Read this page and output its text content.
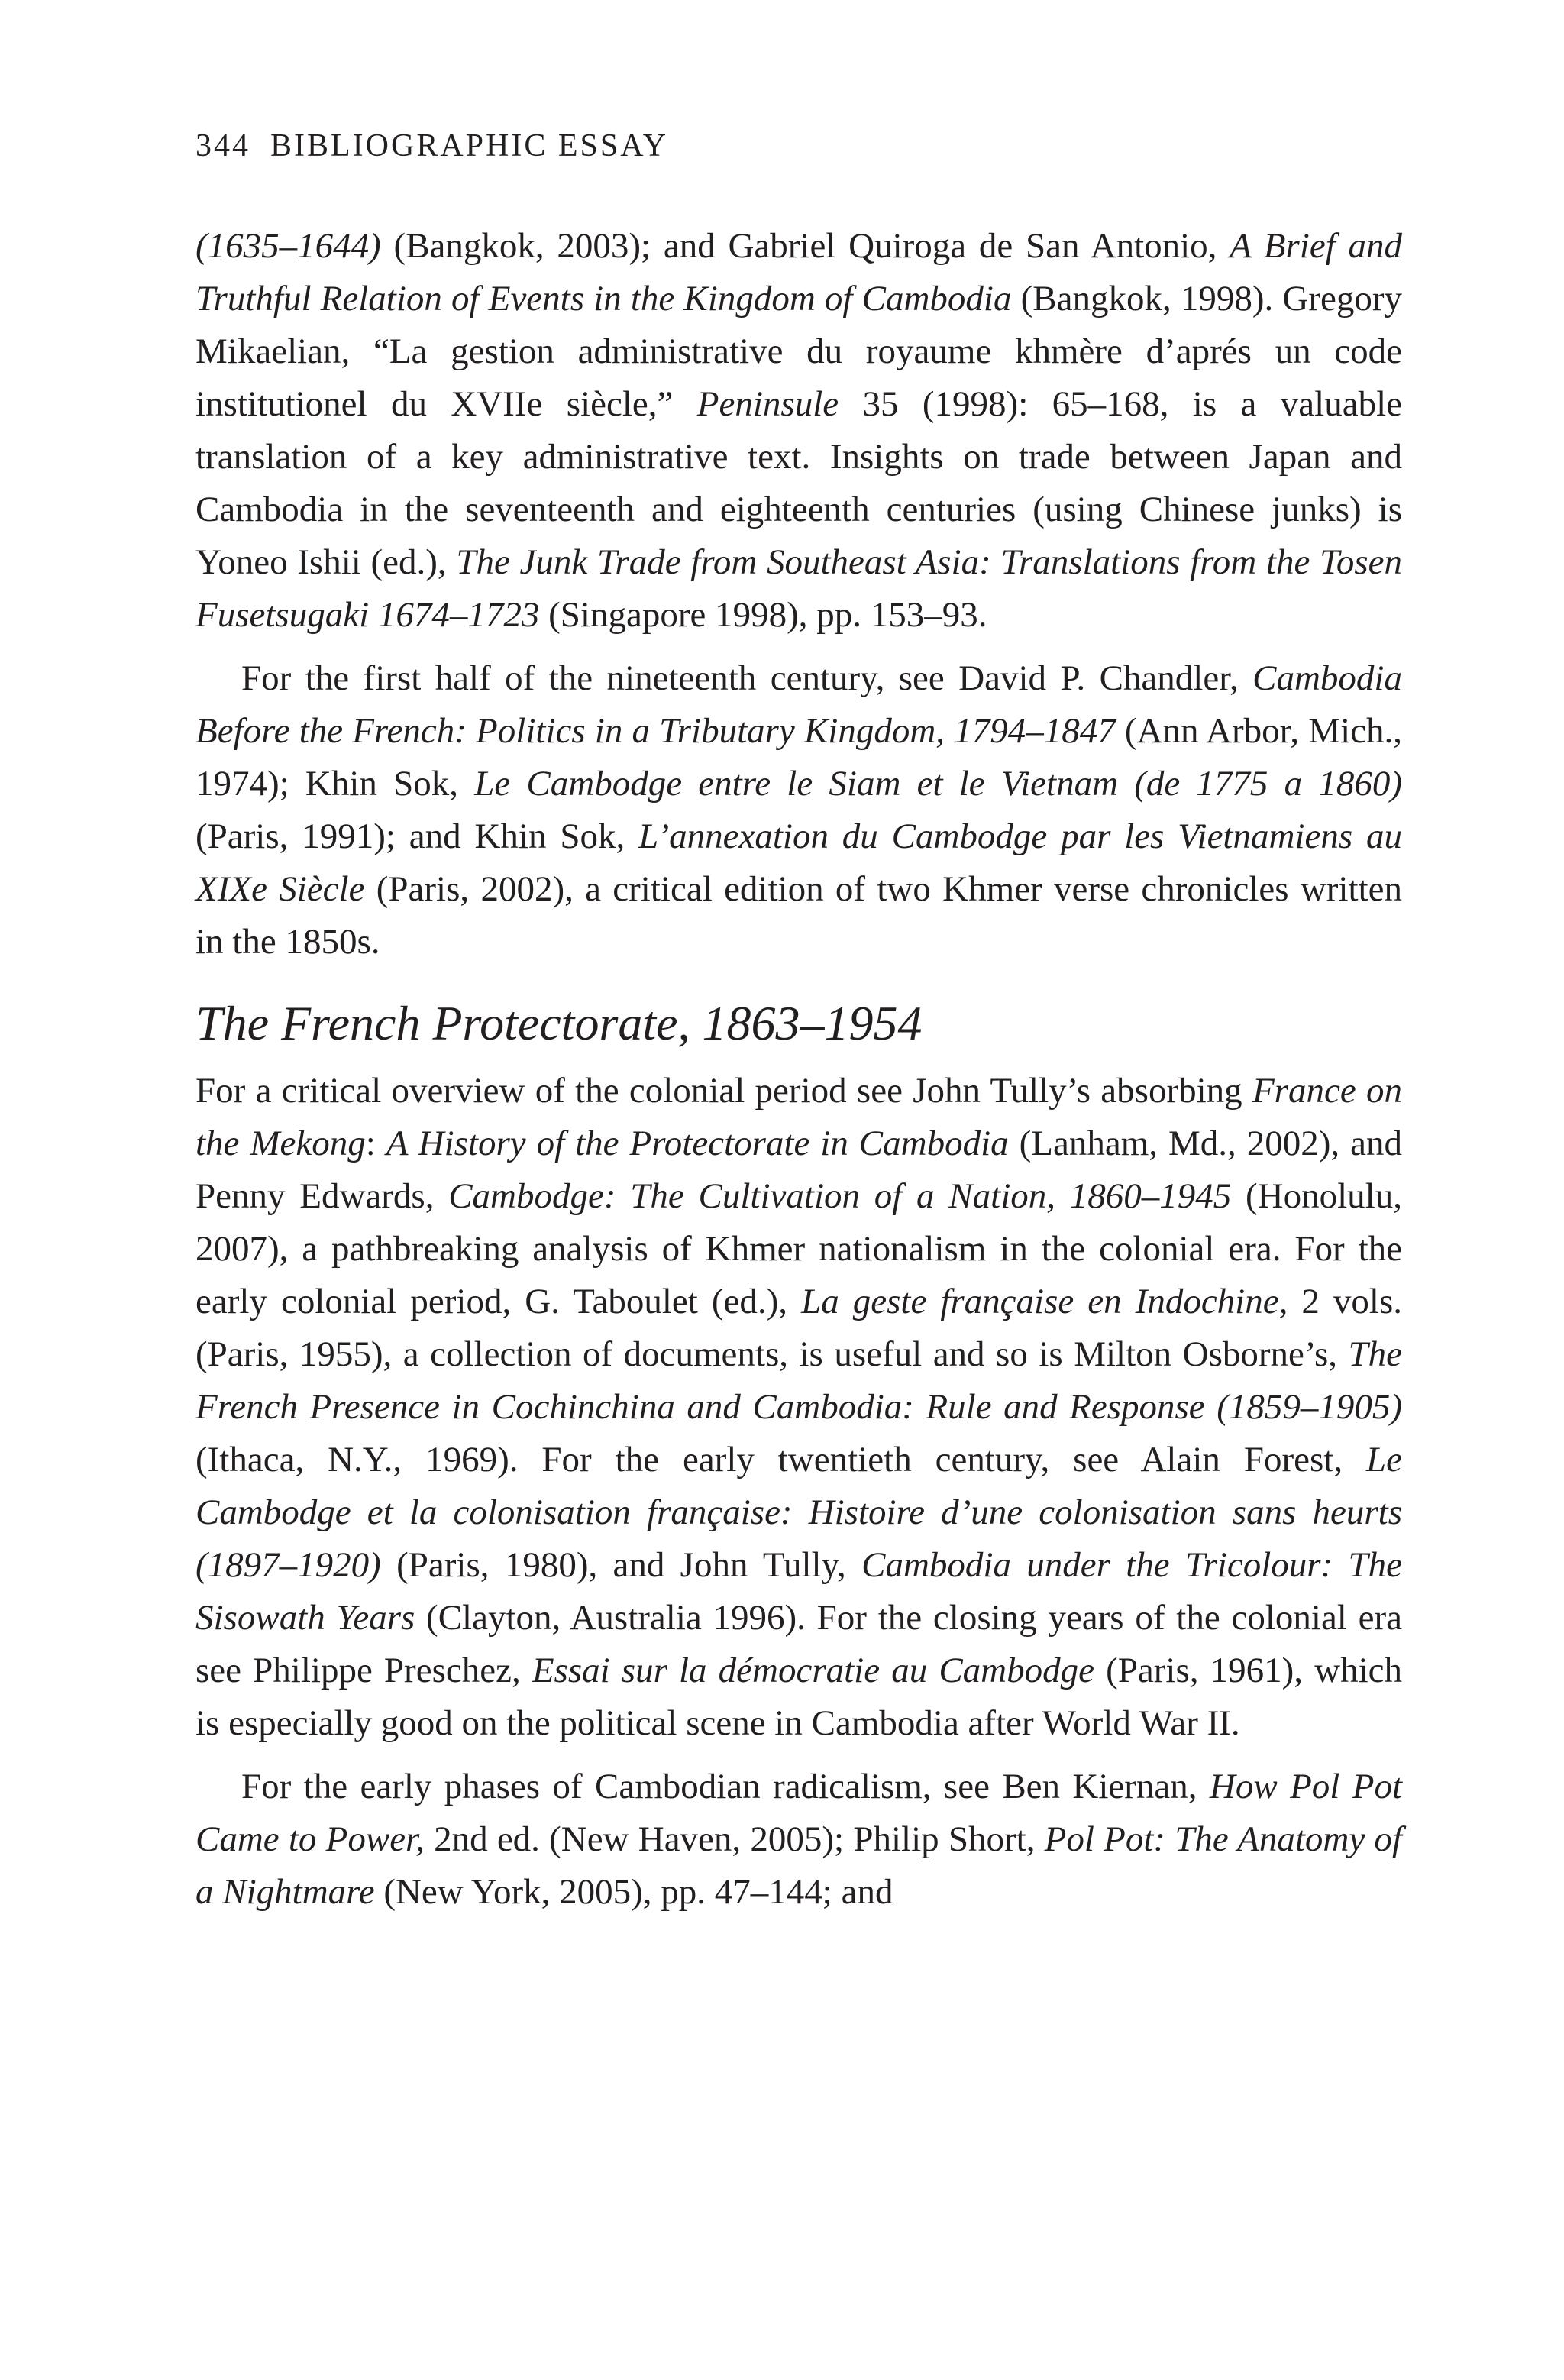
344 BIBLIOGRAPHIC ESSAY

(1635–1644) (Bangkok, 2003); and Gabriel Quiroga de San Antonio, A Brief and Truthful Relation of Events in the Kingdom of Cambodia (Bangkok, 1998). Gregory Mikaelian, “La gestion administrative du royaume khmère d’aprés un code institutionel du XVIIe siècle,” Peninsule 35 (1998): 65–168, is a valuable translation of a key administrative text. Insights on trade between Japan and Cambodia in the seventeenth and eighteenth centuries (using Chinese junks) is Yoneo Ishii (ed.), The Junk Trade from Southeast Asia: Translations from the Tosen Fusetsugaki 1674–1723 (Singapore 1998), pp. 153–93.

For the first half of the nineteenth century, see David P. Chandler, Cambodia Before the French: Politics in a Tributary Kingdom, 1794–1847 (Ann Arbor, Mich., 1974); Khin Sok, Le Cambodge entre le Siam et le Vietnam (de 1775 a 1860) (Paris, 1991); and Khin Sok, L’annexation du Cambodge par les Vietnamiens au XIXe Siècle (Paris, 2002), a critical edition of two Khmer verse chronicles written in the 1850s.

The French Protectorate, 1863–1954

For a critical overview of the colonial period see John Tully’s absorbing France on the Mekong: A History of the Protectorate in Cambodia (Lanham, Md., 2002), and Penny Edwards, Cambodge: The Cultivation of a Nation, 1860–1945 (Honolulu, 2007), a pathbreaking analysis of Khmer nationalism in the colonial era. For the early colonial period, G. Taboulet (ed.), La geste française en Indochine, 2 vols. (Paris, 1955), a collection of documents, is useful and so is Milton Osborne’s, The French Presence in Cochinchina and Cambodia: Rule and Response (1859–1905) (Ithaca, N.Y., 1969). For the early twentieth century, see Alain Forest, Le Cambodge et la colonisation française: Histoire d’une colonisation sans heurts (1897–1920) (Paris, 1980), and John Tully, Cambodia under the Tricolour: The Sisowath Years (Clayton, Australia 1996). For the closing years of the colonial era see Philippe Preschez, Essai sur la démocratie au Cambodge (Paris, 1961), which is especially good on the political scene in Cambodia after World War II.

For the early phases of Cambodian radicalism, see Ben Kiernan, How Pol Pot Came to Power, 2nd ed. (New Haven, 2005); Philip Short, Pol Pot: The Anatomy of a Nightmare (New York, 2005), pp. 47–144; and
